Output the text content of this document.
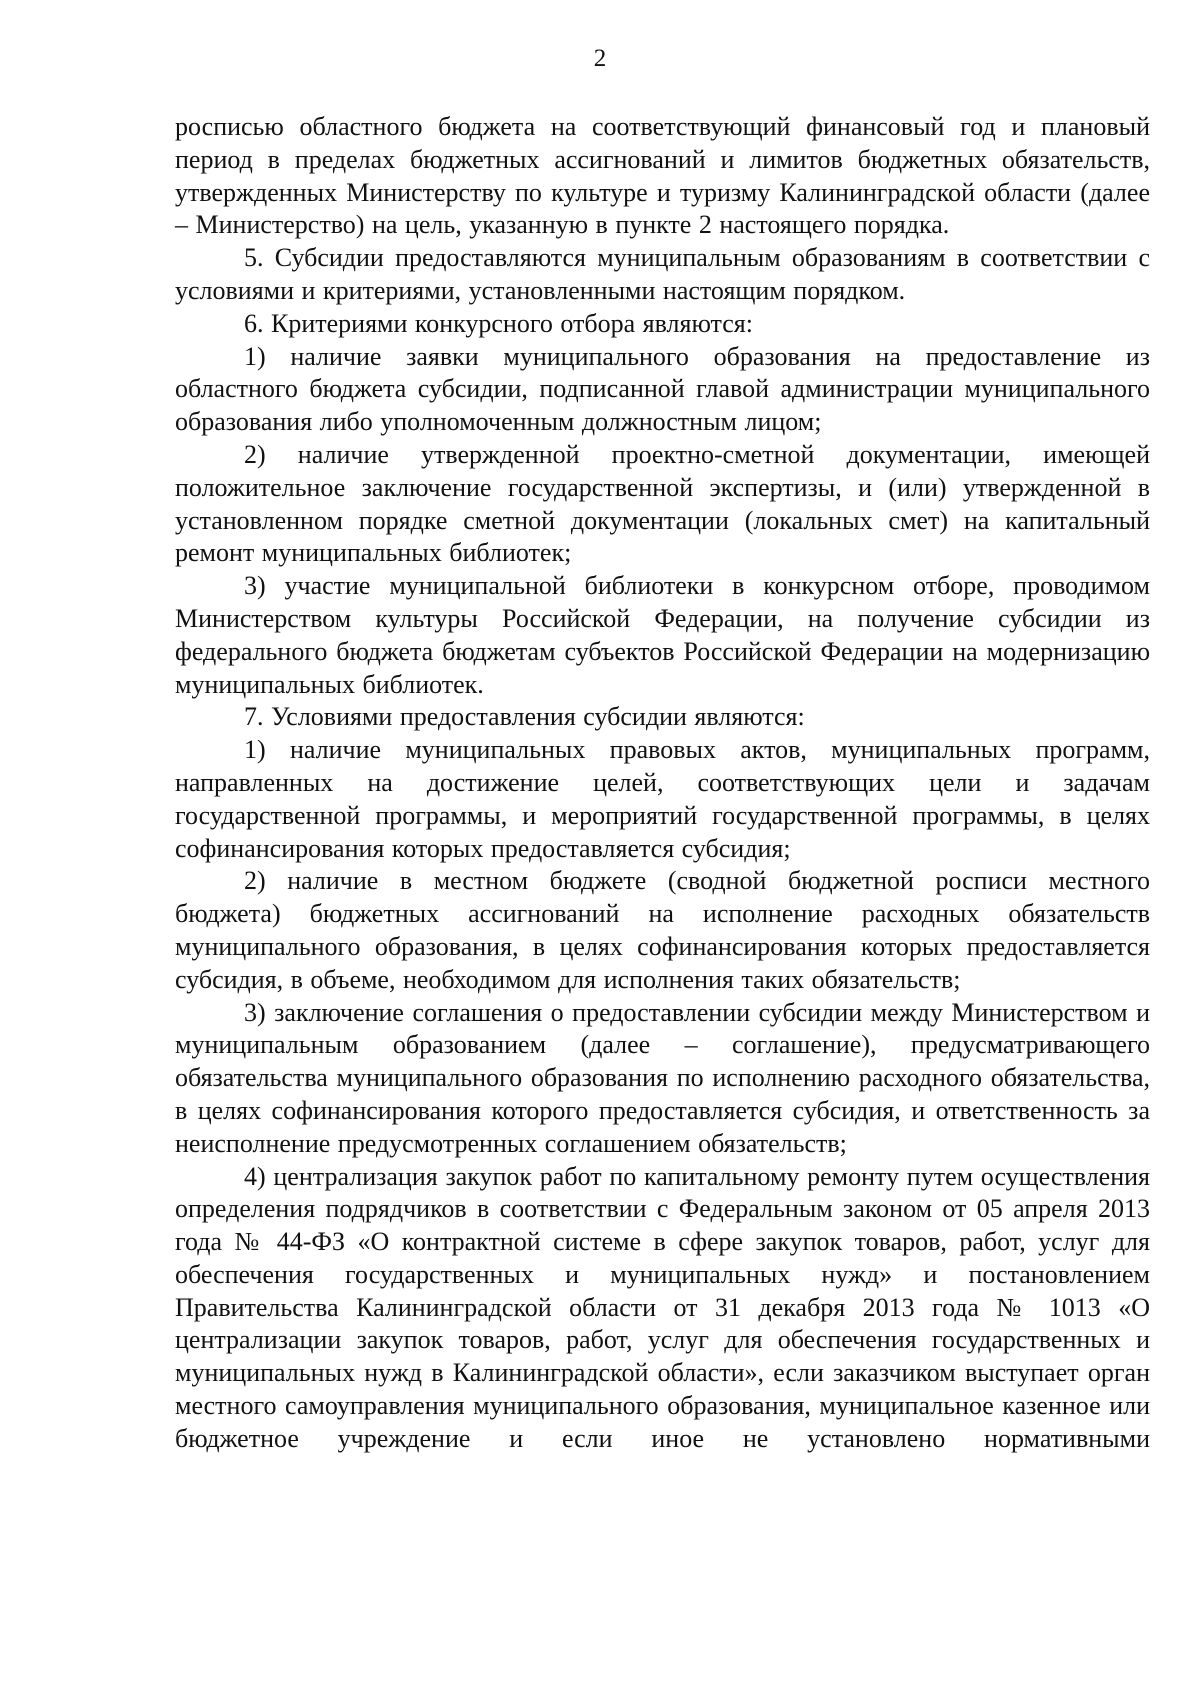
2

росписью областного бюджета на соответствующий финансовый год и плановый период в пределах бюджетных ассигнований и лимитов бюджетных обязательств, утвержденных Министерству по культуре и туризму Калининградской области (далее – Министерство) на цель, указанную в пункте 2 настоящего порядка.

5. Субсидии предоставляются муниципальным образованиям в соответствии с условиями и критериями, установленными настоящим порядком.

6. Критериями конкурсного отбора являются:

1) наличие заявки муниципального образования на предоставление из областного бюджета субсидии, подписанной главой администрации муниципального образования либо уполномоченным должностным лицом;

2) наличие утвержденной проектно-сметной документации, имеющей положительное заключение государственной экспертизы, и (или) утвержденной в установленном порядке сметной документации (локальных смет) на капитальный ремонт муниципальных библиотек;

3) участие муниципальной библиотеки в конкурсном отборе, проводимом Министерством культуры Российской Федерации, на получение субсидии из федерального бюджета бюджетам субъектов Российской Федерации на модернизацию муниципальных библиотек.

7. Условиями предоставления субсидии являются:

1) наличие муниципальных правовых актов, муниципальных программ, направленных на достижение целей, соответствующих цели и задачам государственной программы, и мероприятий государственной программы, в целях софинансирования которых предоставляется субсидия;

2) наличие в местном бюджете (сводной бюджетной росписи местного бюджета) бюджетных ассигнований на исполнение расходных обязательств муниципального образования, в целях софинансирования которых предоставляется субсидия, в объеме, необходимом для исполнения таких обязательств;

3) заключение соглашения о предоставлении субсидии между Министерством и муниципальным образованием (далее – соглашение), предусматривающего обязательства муниципального образования по исполнению расходного обязательства, в целях софинансирования которого предоставляется субсидия, и ответственность за неисполнение предусмотренных соглашением обязательств;

4) централизация закупок работ по капитальному ремонту путем осуществления определения подрядчиков в соответствии с Федеральным законом от 05 апреля 2013 года № 44-ФЗ «О контрактной системе в сфере закупок товаров, работ, услуг для обеспечения государственных и муниципальных нужд» и постановлением Правительства Калининградской области от 31 декабря 2013 года № 1013 «О централизации закупок товаров, работ, услуг для обеспечения государственных и муниципальных нужд в Калининградской области», если заказчиком выступает орган местного самоуправления муниципального образования, муниципальное казенное или бюджетное учреждение и если иное не установлено нормативными
